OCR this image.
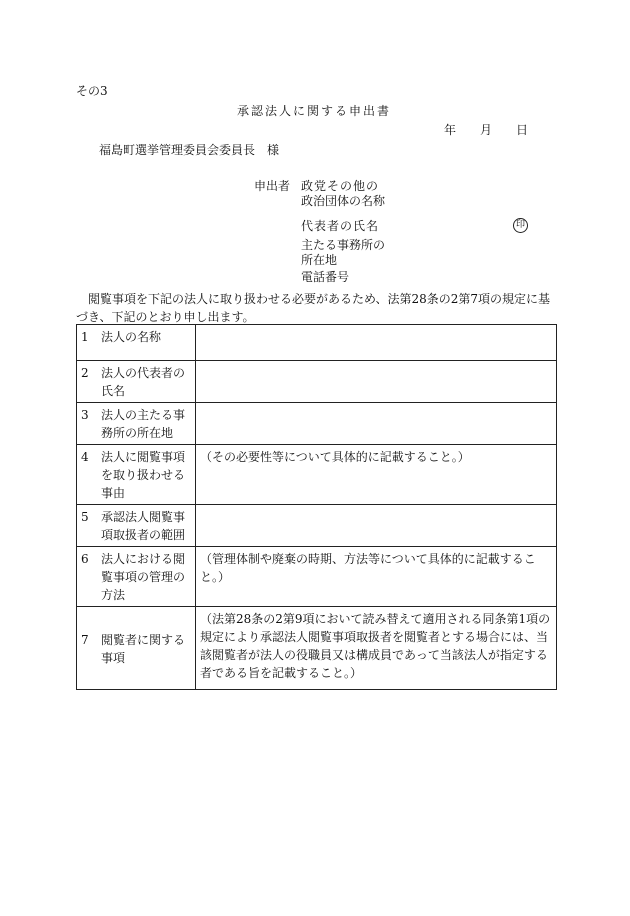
その3
承認法人に関する申出書
年 月 日
福島町選挙管理委員会委員長　様
申出者 政党その他の
政治団体の名称
代表者の氏名	印
主たる事務所の
所在地
電話番号
　閲覧事項を下記の法人に取り扱わせる必要があるため、法第28条の2第7項の規定に基づき、下記のとおり申し出ます。
1 法人の名称	

2 法人の代表者の氏名	

3 法人の主たる事務所の所在地	

4 法人に閲覧事項を取り扱わせる事由	（その必要性等について具体的に記載すること。）

5 承認法人閲覧事項取扱者の範囲	

6 法人における閲覧事項の管理の方法	（管理体制や廃棄の時期、方法等について具体的に記載すること。）

7 閲覧者に関する事項	（法第28条の2第9項において読み替えて適用される同条第1項の規定により承認法人閲覧事項取扱者を閲覧者とする場合には、当該閲覧者が法人の役職員又は構成員であって当該法人が指定する者である旨を記載すること。）
